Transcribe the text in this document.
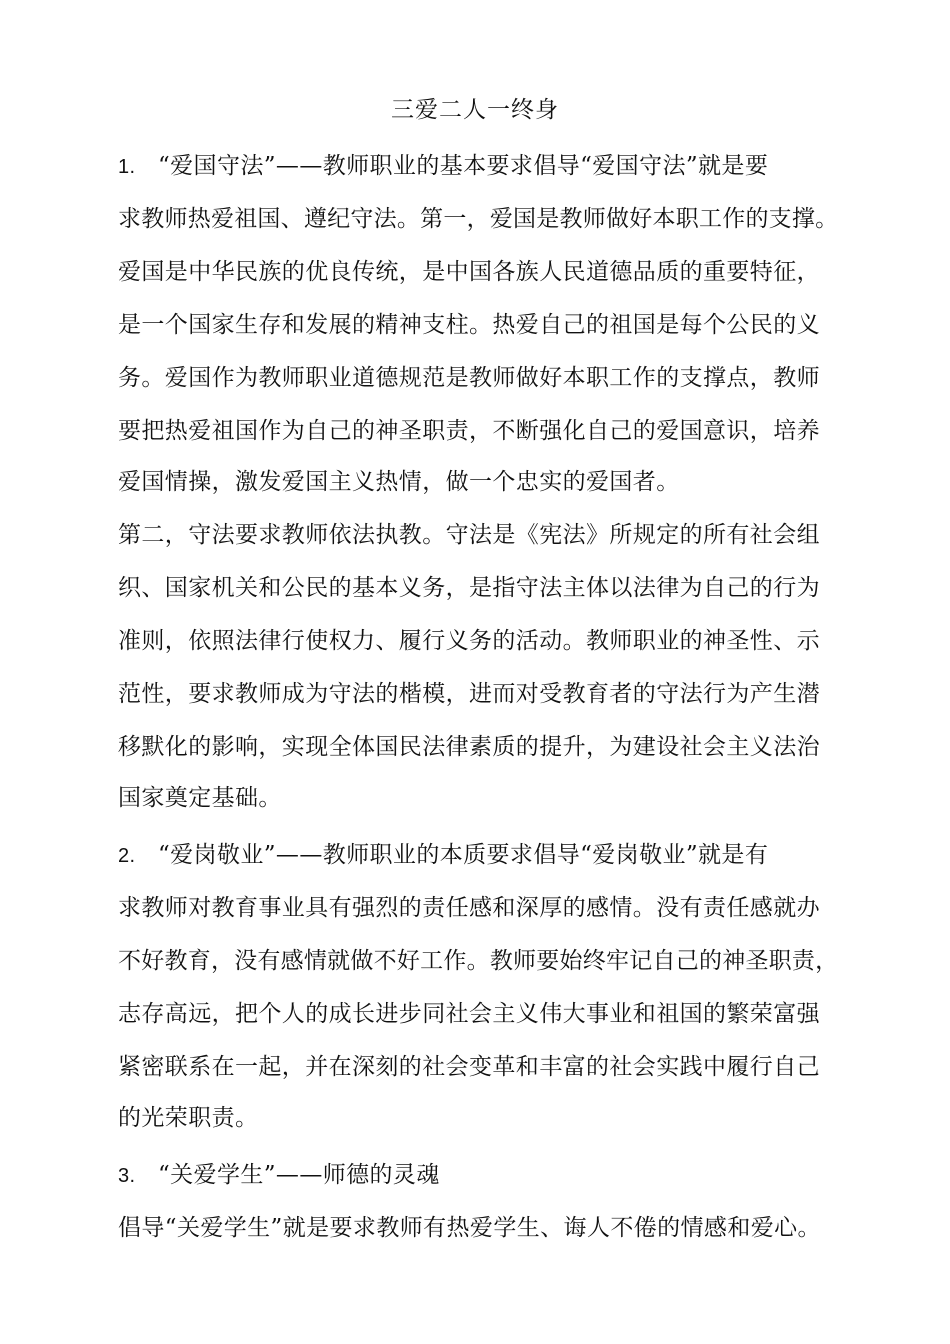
三爱二人一终身
1. “爱国守法”——教师职业的基本要求倡导“爱国守法”就是要
求教师热爱祖国、遵纪守法。第一，爱国是教师做好本职工作的支撑。
爱国是中华民族的优良传统，是中国各族人民道德品质的重要特征，
是一个国家生存和发展的精神支柱。热爱自己的祖国是每个公民的义
务。爱国作为教师职业道德规范是教师做好本职工作的支撑点，教师
要把热爱祖国作为自己的神圣职责，不断强化自己的爱国意识，培养
爱国情操，激发爱国主义热情，做一个忠实的爱国者。
第二，守法要求教师依法执教。守法是《宪法》所规定的所有社会组
织、国家机关和公民的基本义务，是指守法主体以法律为自己的行为
准则，依照法律行使权力、履行义务的活动。教师职业的神圣性、示
范性，要求教师成为守法的楷模，进而对受教育者的守法行为产生潜
移默化的影响，实现全体国民法律素质的提升，为建设社会主义法治
国家奠定基础。
2. “爱岗敬业”——教师职业的本质要求倡导“爱岗敬业”就是有
求教师对教育事业具有强烈的责任感和深厚的感情。没有责任感就办
不好教育，没有感情就做不好工作。教师要始终牢记自己的神圣职责，
志存高远，把个人的成长进步同社会主义伟大事业和祖国的繁荣富强
紧密联系在一起，并在深刻的社会变革和丰富的社会实践中履行自己
的光荣职责。
3. “关爱学生”——师德的灵魂
倡导“关爱学生”就是要求教师有热爱学生、诲人不倦的情感和爱心。
